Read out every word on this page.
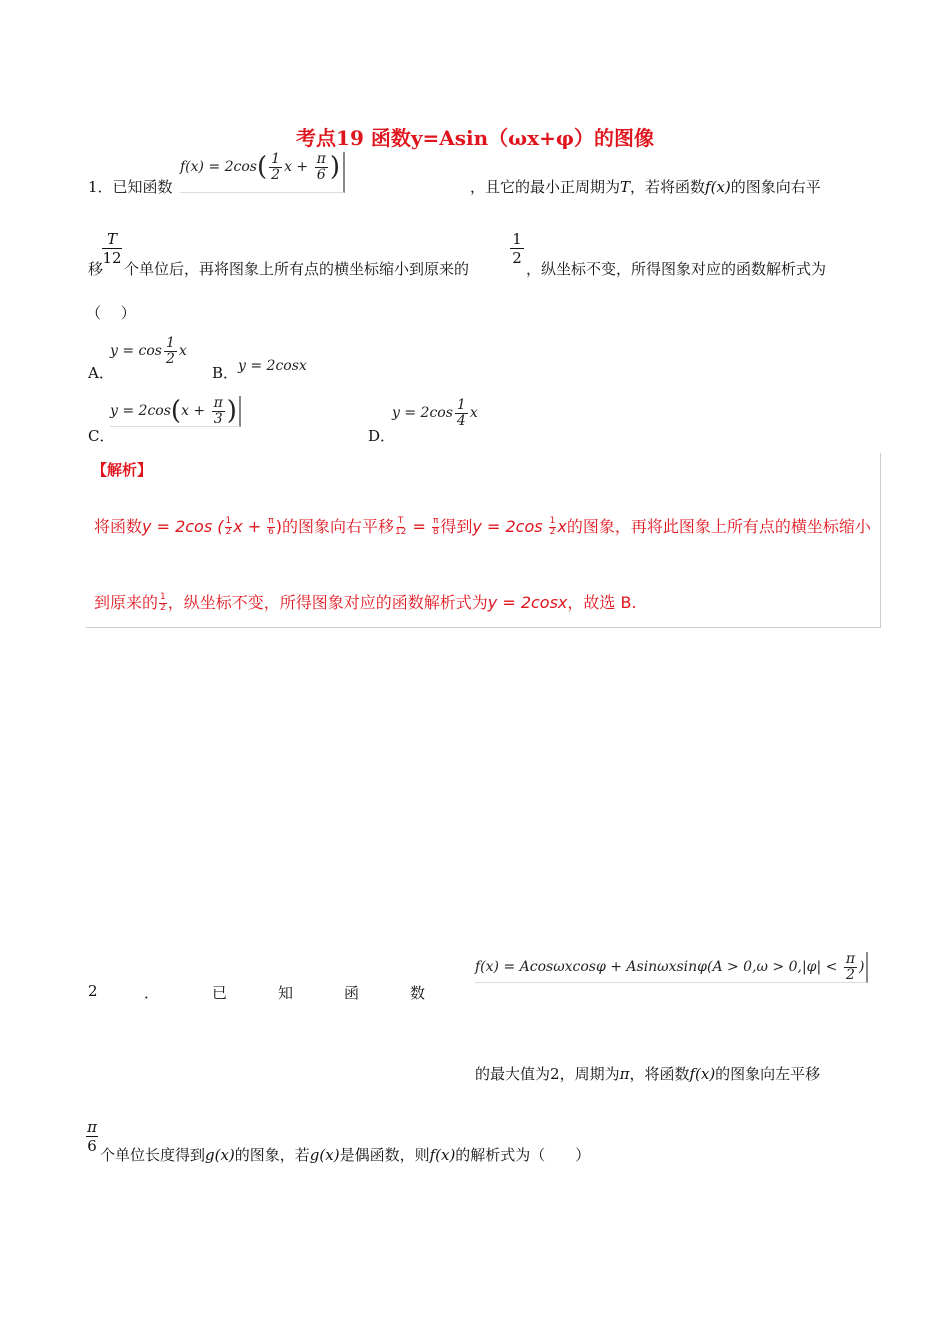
考点19 函数y=Asin（ωx+φ）的图像
1．已知函数
$f(x) = 2\cos( \frac{1}{2}$ $x + \frac{\pi}{6}$ )
，且它的最小正周期为T，若将函数f(x)的图象向右平
T
12
移 个单位后，再将图象上所有点的横坐标缩小到原来的
1
2
，纵坐标不变，所得图象对应的函数解析式为
（　 ）
A．
$y = \cos \frac{1}{2}$ x
B． y = 2cosx
C．
$y = 2\cos(x + \frac{\pi}{3}$ )
D．
$y = 2\cos \frac{1}{4}$ x
【解析】
将函数y = 2cos ( $\frac{1}{2}$ $x + \frac{\pi}{6}$ )的图象向右平移 $\frac{T}{12} = \frac{\pi}{8}$ 得到$y = 2\cos \frac{1}{2}$ x的图象，再将此图象上所有点的横坐标缩小
到原来的 $\frac{1}{2}$ ，纵坐标不变，所得图象对应的函数解析式为y = 2cosx，故选 B.
2	．	已	知	函	数
$f(x) = Acos\omega xcos\varphi + Asin\omega xsin\varphi(A > 0,\omega > 0,|\varphi| < \frac{\pi}{2}$ )
的最大值为2，周期为π，将函数f(x)的图象向左平移
π
6 个单位长度得到g(x)的图象，若g(x)是偶函数，则f(x)的解析式为（　　）
